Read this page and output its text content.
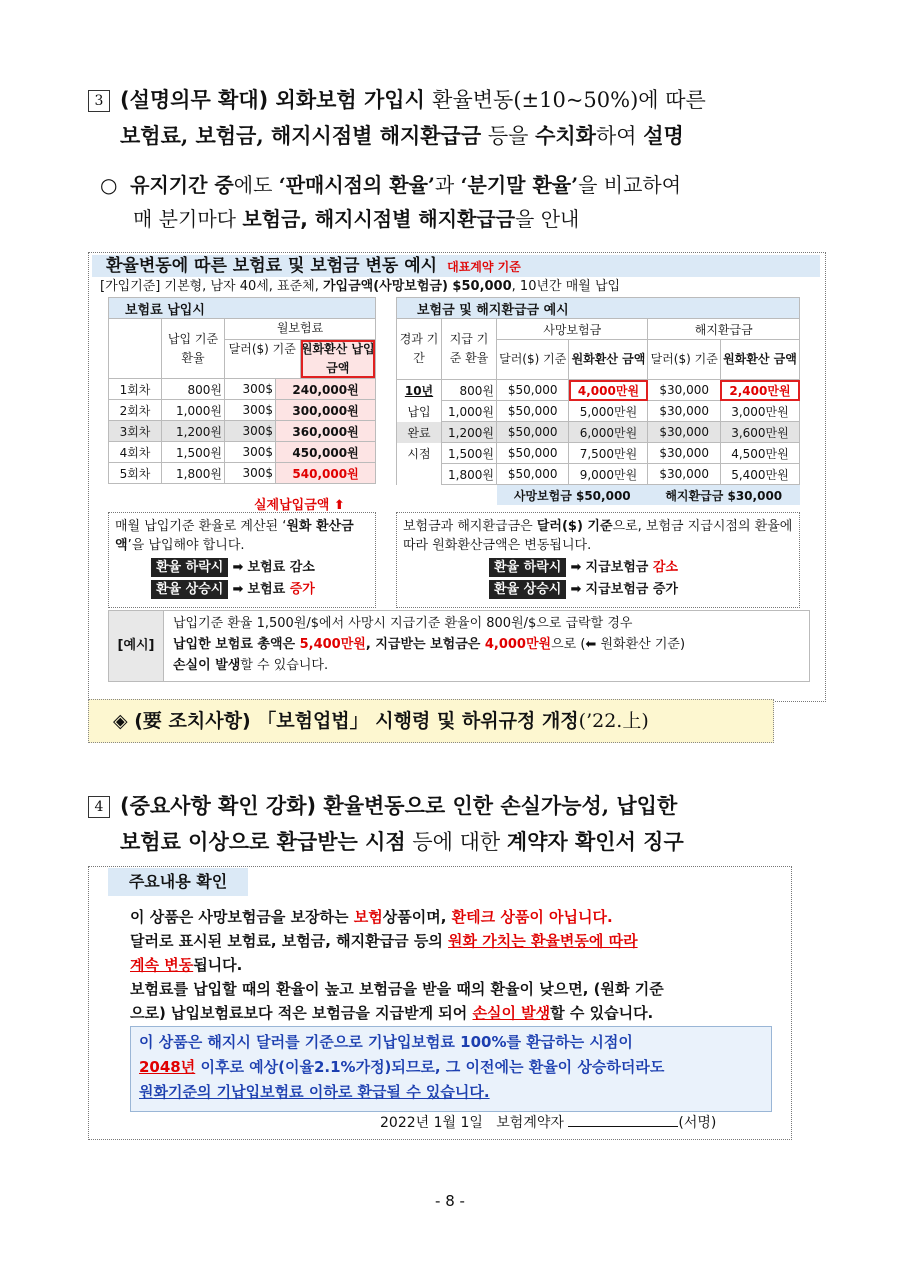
3 (설명의무 확대) 외화보험 가입시 환율변동(±10~50%)에 따른
보험료, 보험금, 해지시점별 해지환급금 등을 수치화하여 설명
○ 유지기간 중에도 ‘판매시점의 환율’과 ‘분기말 환율’을 비교하여
매 분기마다 보험금, 해지시점별 해지환급금을 안내
환율변동에 따른 보험료 및 보험금 변동 예시 대표계약 기준
[가입기준] 기본형, 남자 40세, 표준체, 가입금액(사망보험금) $50,000, 10년간 매월 납입
보험료 납입시			
	납입 기준 환율	월보험료
달러($) 기준 원화환산 납입금액	

1회차	800원	300$	240,000원
2회차	1,000원	300$	300,000원
3회차	1,200원	300$	360,000원
4회차	1,500원	300$	450,000원
5회차	1,800원	300$	540,000원
실제납입금액 ⬆
보험금 및 해지환급금 예시					
경과 기간	지급 기준 환율	사망보험금		해지환급금	
		달러($) 기준	원화환산 금액	달러($) 기준	원화환산 금액
10년	800원	$50,000	4,000만원	$30,000	2,400만원
납입	1,000원	$50,000	5,000만원	$30,000	3,000만원
완료	1,200원	$50,000	6,000만원	$30,000	3,600만원
시점	1,500원	$50,000	7,500만원	$30,000	4,500만원
	1,800원	$50,000	9,000만원	$30,000	5,400만원
		사망보험금 $50,000		해지환급금 $30,000	
매월 납입기준 환율로 계산된 ‘원화 환산금액’을 납입해야 합니다.
환율 하락시 ➡ 보험료 감소
환율 상승시 ➡ 보험료 증가
보험금과 해지환급금은 달러($) 기준으로, 보험금 지급시점의 환율에 따라 원화환산금액은 변동됩니다.
환율 하락시 ➡ 지급보험금 감소
환율 상승시 ➡ 지급보험금 증가
[예시]
납입기준 환율 1,500원/$에서 사망시 지급기준 환율이 800원/$으로 급락할 경우
납입한 보험료 총액은 5,400만원, 지급받는 보험금은 4,000만원으로 (⬅ 원화환산 기준)
손실이 발생할 수 있습니다.
◈ (要 조치사항) 「보험업법」 시행령 및 하위규정 개정(’22.上)
4 (중요사항 확인 강화) 환율변동으로 인한 손실가능성, 납입한
보험료 이상으로 환급받는 시점 등에 대한 계약자 확인서 징구
주요내용 확인
이 상품은 사망보험금을 보장하는 보험상품이며, 환테크 상품이 아닙니다.
달러로 표시된 보험료, 보험금, 해지환급금 등의 원화 가치는 환율변동에 따라
계속 변동됩니다.
보험료를 납입할 때의 환율이 높고 보험금을 받을 때의 환율이 낮으면, (원화 기준
으로) 납입보험료보다 적은 보험금을 지급받게 되어 손실이 발생할 수 있습니다.
이 상품은 해지시 달러를 기준으로 기납입보험료 100%를 환급하는 시점이
2048년 이후로 예상(이율2.1%가정)되므로, 그 이전에는 환율이 상승하더라도
원화기준의 기납입보험료 이하로 환급될 수 있습니다.
2022년 1월 1일 보험계약자	(서명)
- 8 -
